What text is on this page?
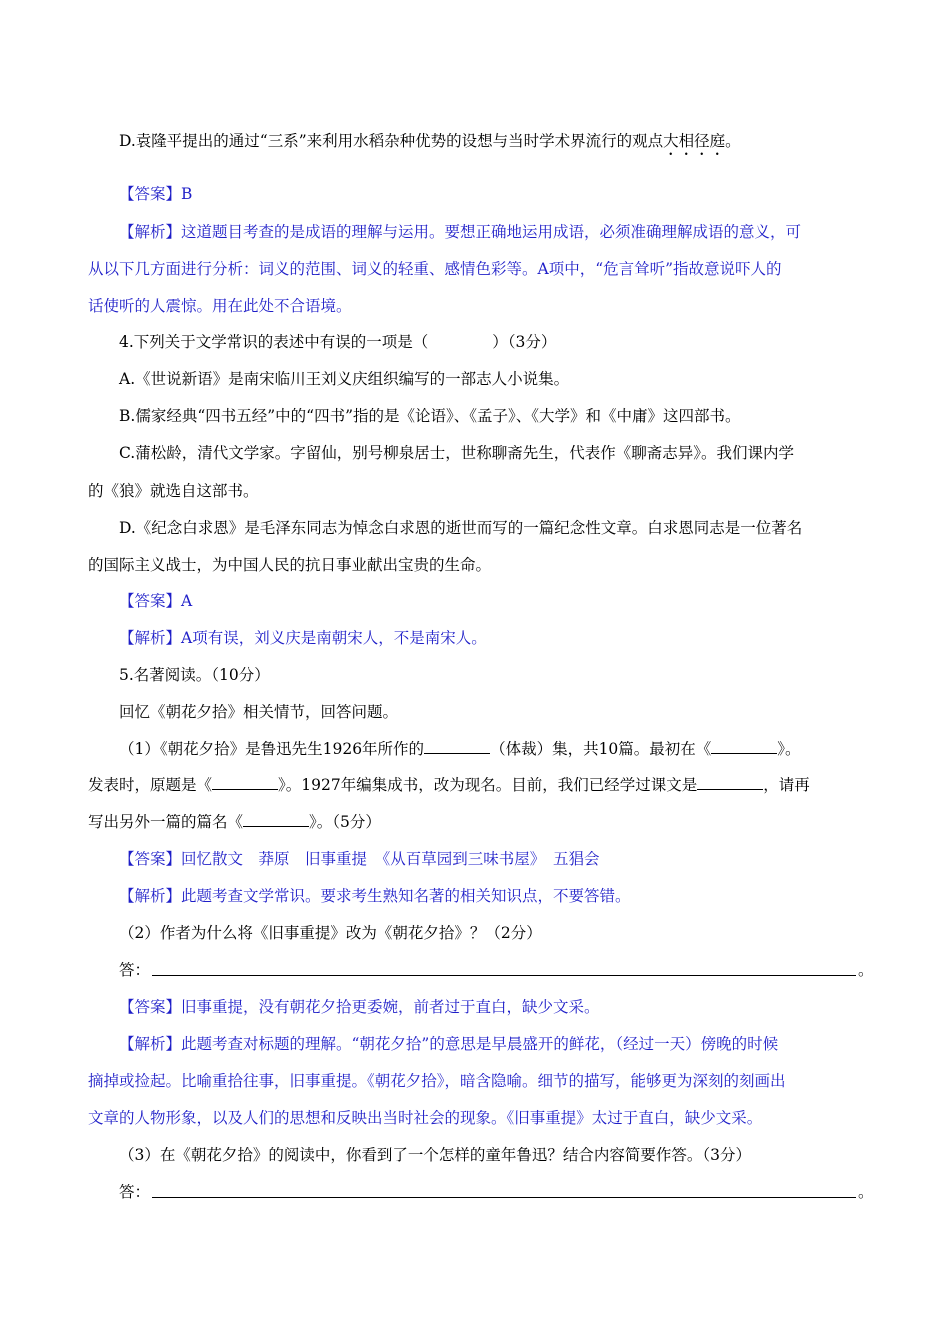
D.袁隆平提出的通过“三系”来利用水稻杂种优势的设想与当时学术界流行的观点大相径庭。

【答案】B

【解析】这道题目考查的是成语的理解与运用。要想正确地运用成语，必须准确理解成语的意义，可

从以下几方面进行分析：词义的范围、词义的轻重、感情色彩等。A项中，“危言耸听”指故意说吓人的

话使听的人震惊。用在此处不合语境。

4.下列关于文学常识的表述中有误的一项是（	）（3分）

A.《世说新语》是南宋临川王刘义庆组织编写的一部志人小说集。

B.儒家经典“四书五经”中的“四书”指的是《论语》、《孟子》、《大学》和《中庸》这四部书。

C.蒲松龄，清代文学家。字留仙，别号柳泉居士，世称聊斋先生，代表作《聊斋志异》。我们课内学

的《狼》就选自这部书。

D.《纪念白求恩》是毛泽东同志为悼念白求恩的逝世而写的一篇纪念性文章。白求恩同志是一位著名

的国际主义战士，为中国人民的抗日事业献出宝贵的生命。

【答案】A

【解析】A项有误，刘义庆是南朝宋人，不是南宋人。

5.名著阅读。（10分）

回忆《朝花夕拾》相关情节，回答问题。

（1）《朝花夕拾》是鲁迅先生1926年所作的	（体裁）集，共10篇。最初在《	》。

发表时，原题是《	》。1927年编集成书，改为现名。目前，我们已经学过课文是	，请再

写出另外一篇的篇名《	》。（5分）

【答案】回忆散文　莽原　旧事重提　《从百草园到三味书屋》　五猖会

【解析】此题考查文学常识。要求考生熟知名著的相关知识点，不要答错。

（2）作者为什么将《旧事重提》改为《朝花夕拾》？（2分）

答：	。

【答案】旧事重提，没有朝花夕拾更委婉，前者过于直白，缺少文采。

【解析】此题考查对标题的理解。“朝花夕拾”的意思是早晨盛开的鲜花，（经过一天）傍晚的时候

摘掉或捡起。比喻重拾往事，旧事重提。《朝花夕拾》，暗含隐喻。细节的描写，能够更为深刻的刻画出

文章的人物形象，以及人们的思想和反映出当时社会的现象。《旧事重提》太过于直白，缺少文采。

（3）在《朝花夕拾》的阅读中，你看到了一个怎样的童年鲁迅？结合内容简要作答。（3分）

答：	。
